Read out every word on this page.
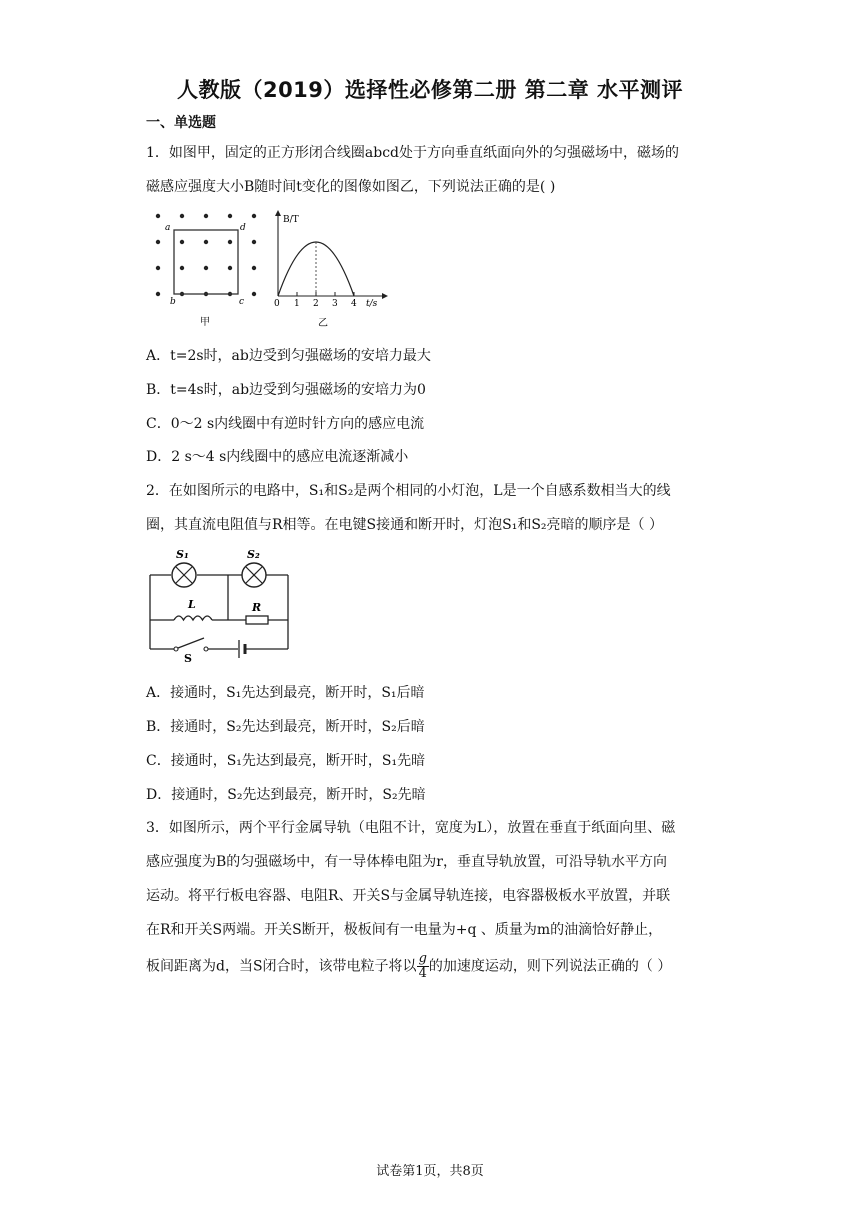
人教版（2019）选择性必修第二册 第二章 水平测评
一、单选题
1．如图甲，固定的正方形闭合线圈abcd处于方向垂直纸面向外的匀强磁场中，磁场的
磁感应强度大小B随时间t变化的图像如图乙，下列说法正确的是( )
a
b	c
d
甲
B/T
t/s
0 1 2 3 4
乙
A．t=2s时，ab边受到匀强磁场的安培力最大
B．t=4s时，ab边受到匀强磁场的安培力为0
C．0～2 s内线圈中有逆时针方向的感应电流
D．2 s～4 s内线圈中的感应电流逐渐减小
2．在如图所示的电路中，S₁和S₂是两个相同的小灯泡，L是一个自感系数相当大的线
圈，其直流电阻值与R相等。在电键S接通和断开时，灯泡S₁和S₂亮暗的顺序是（ ）
S₁	S₂
L	R
S
A．接通时，S₁先达到最亮，断开时，S₁后暗
B．接通时，S₂先达到最亮，断开时，S₂后暗
C．接通时，S₁先达到最亮，断开时，S₁先暗
D．接通时，S₂先达到最亮，断开时，S₂先暗
3．如图所示，两个平行金属导轨（电阻不计，宽度为L），放置在垂直于纸面向里、磁
感应强度为B的匀强磁场中，有一导体棒电阻为r，垂直导轨放置，可沿导轨水平方向
运动。将平行板电容器、电阻R、开关S与金属导轨连接，电容器极板水平放置，并联
在R和开关S两端。开关S断开，极板间有一电量为+q 、质量为m的油滴恰好静止，
板间距离为d，当S闭合时，该带电粒子将以 $\frac{g}{4}$ 的加速度运动，则下列说法正确的（ ）
试卷第1页，共8页
